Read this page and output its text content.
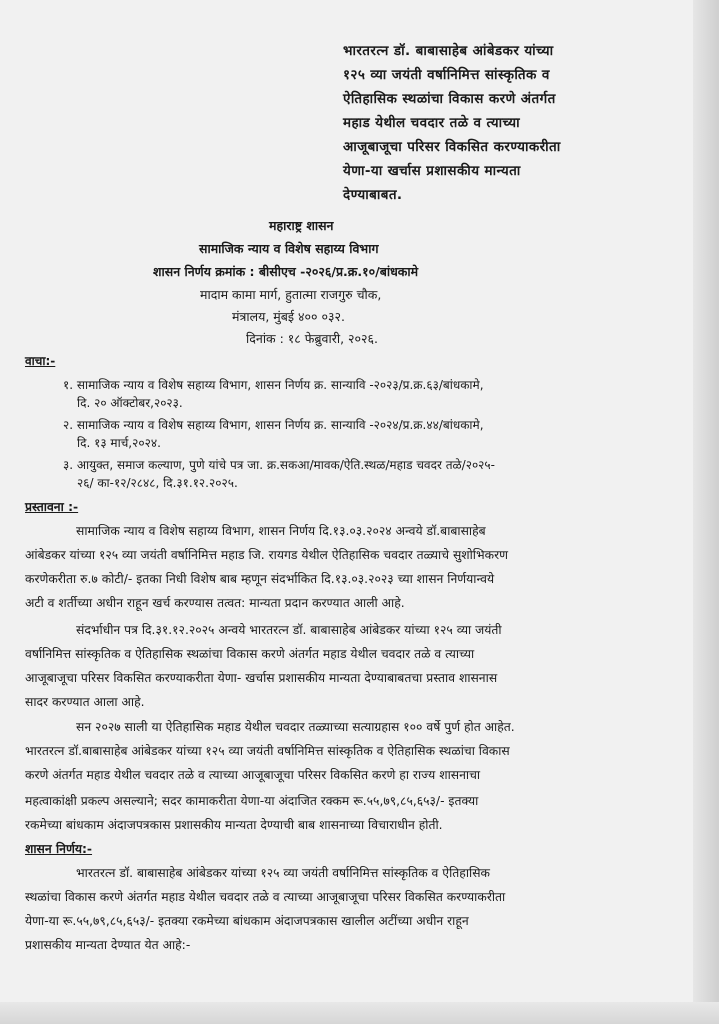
भारतरत्न डॉ. बाबासाहेब आंबेडकर यांच्या

१२५ व्या जयंती वर्षानिमित्त सांस्कृतिक व

ऐतिहासिक स्थळांचा विकास करणे अंतर्गत

महाड येथील चवदार तळे व त्याच्या

आजूबाजूचा परिसर विकसित करण्याकरीता

येणा-या खर्चास प्रशासकीय मान्यता

देण्याबाबत.

महाराष्ट्र शासन

सामाजिक न्याय व विशेष सहाय्य विभाग

शासन निर्णय क्रमांक : बीसीएच -२०२६/प्र.क्र.१०/बांधकामे

मादाम कामा मार्ग, हुतात्मा राजगुरु चौक,

मंत्रालय, मुंबई ४०० ०३२.

दिनांक : १८ फेब्रुवारी, २०२६.

वाचा:-

१. सामाजिक न्याय व विशेष सहाय्य विभाग, शासन निर्णय क्र. सान्यावि -२०२३/प्र.क्र.६३/बांधकामे,

दि. २० ऑक्टोबर,२०२३.

२. सामाजिक न्याय व विशेष सहाय्य विभाग, शासन निर्णय क्र. सान्यावि -२०२४/प्र.क्र.४४/बांधकामे,

दि. १३ मार्च,२०२४.

३. आयुक्त, समाज कल्याण, पुणे यांचे पत्र जा. क्र.सकआ/मावक/ऐति.स्थळ/महाड चवदर तळे/२०२५-

२६/ का-१२/२८४८, दि.३१.१२.२०२५.

प्रस्तावना :-

सामाजिक न्याय व विशेष सहाय्य विभाग, शासन निर्णय दि.१३.०३.२०२४ अन्वये डॉ.बाबासाहेब

आंबेडकर यांच्या १२५ व्या जयंती वर्षानिमित्त महाड जि. रायगड येथील ऐतिहासिक चवदार तळ्याचे सुशोभिकरण

करणेकरीता रु.७ कोटी/- इतका निधी विशेष बाब म्हणून संदर्भाकित दि.१३.०३.२०२३ च्या शासन निर्णयान्वये

अटी व शर्तीच्या अधीन राहून खर्च करण्यास तत्वत: मान्यता प्रदान करण्यात आली आहे.

संदर्भाधीन पत्र दि.३१.१२.२०२५ अन्वये भारतरत्न डॉ. बाबासाहेब आंबेडकर यांच्या १२५ व्या जयंती

वर्षानिमित्त सांस्कृतिक व ऐतिहासिक स्थळांचा विकास करणे अंतर्गत महाड येथील चवदार तळे व त्याच्या

आजूबाजूचा परिसर विकसित करण्याकरीता येणा- खर्चास प्रशासकीय मान्यता देण्याबाबतचा प्रस्ताव शासनास

सादर करण्यात आला आहे.

सन २०२७ साली या ऐतिहासिक महाड येथील चवदार तळ्याच्या सत्याग्रहास १०० वर्षे पुर्ण होत आहेत.

भारतरत्न डॉ.बाबासाहेब आंबेडकर यांच्या १२५ व्या जयंती वर्षानिमित्त सांस्कृतिक व ऐतिहासिक स्थळांचा विकास

करणे अंतर्गत महाड येथील चवदार तळे व त्याच्या आजूबाजूचा परिसर विकसित करणे हा राज्य शासनाचा

महत्वाकांक्षी प्रकल्प असल्याने; सदर कामाकरीता येणा-या अंदाजित रक्कम रू.५५,७९,८५,६५३/- इतक्या

रकमेच्या बांधकाम अंदाजपत्रकास प्रशासकीय मान्यता देण्याची बाब शासनाच्या विचाराधीन होती.

शासन निर्णय:-

भारतरत्न डॉ. बाबासाहेब आंबेडकर यांच्या १२५ व्या जयंती वर्षानिमित्त सांस्कृतिक व ऐतिहासिक

स्थळांचा विकास करणे अंतर्गत महाड येथील चवदार तळे व त्याच्या आजूबाजूचा परिसर विकसित करण्याकरीता

येणा-या रू.५५,७९,८५,६५३/- इतक्या रकमेच्या बांधकाम अंदाजपत्रकास खालील अटींच्या अधीन राहून

प्रशासकीय मान्यता देण्यात येत आहे:-
